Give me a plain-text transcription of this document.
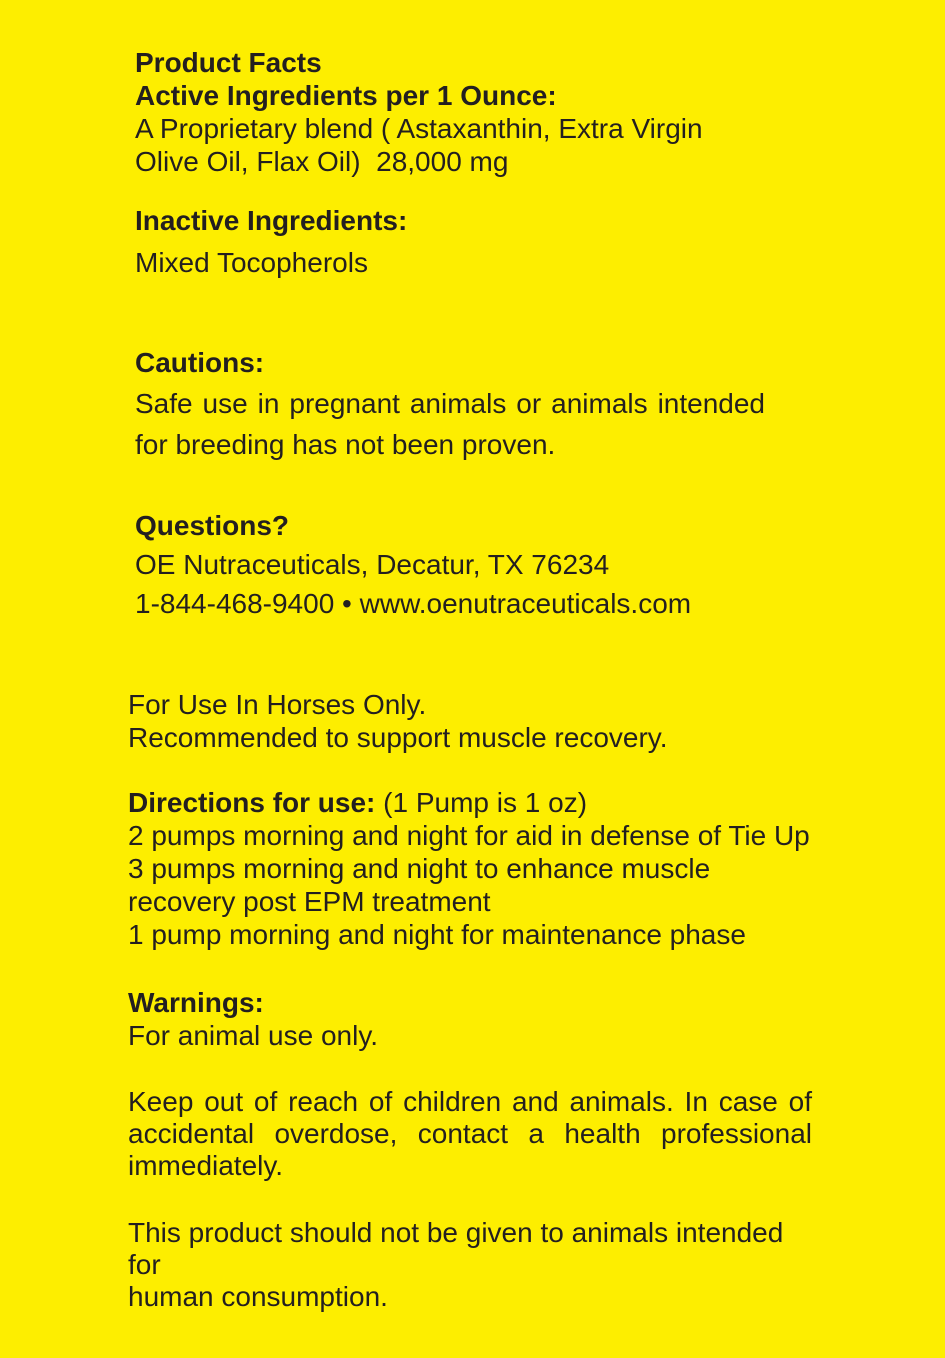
Product Facts
Active Ingredients per 1 Ounce:
A Proprietary blend ( Astaxanthin, Extra Virgin
Olive Oil, Flax Oil)  28,000 mg
Inactive Ingredients:
Mixed Tocopherols
Cautions:
Safe use in pregnant animals or animals intended
for breeding has not been proven.
Questions?
OE Nutraceuticals, Decatur, TX 76234
1-844-468-9400 • www.oenutraceuticals.com
For Use In Horses Only.
Recommended to support muscle recovery.
Directions for use: (1 Pump is 1 oz)
2 pumps morning and night for aid in defense of Tie Up
3 pumps morning and night to enhance muscle
recovery post EPM treatment
1 pump morning and night for maintenance phase
Warnings:
For animal use only.
Keep out of reach of children and animals. In case of
accidental overdose, contact a health professional
immediately.
This product should not be given to animals intended for
human consumption.
